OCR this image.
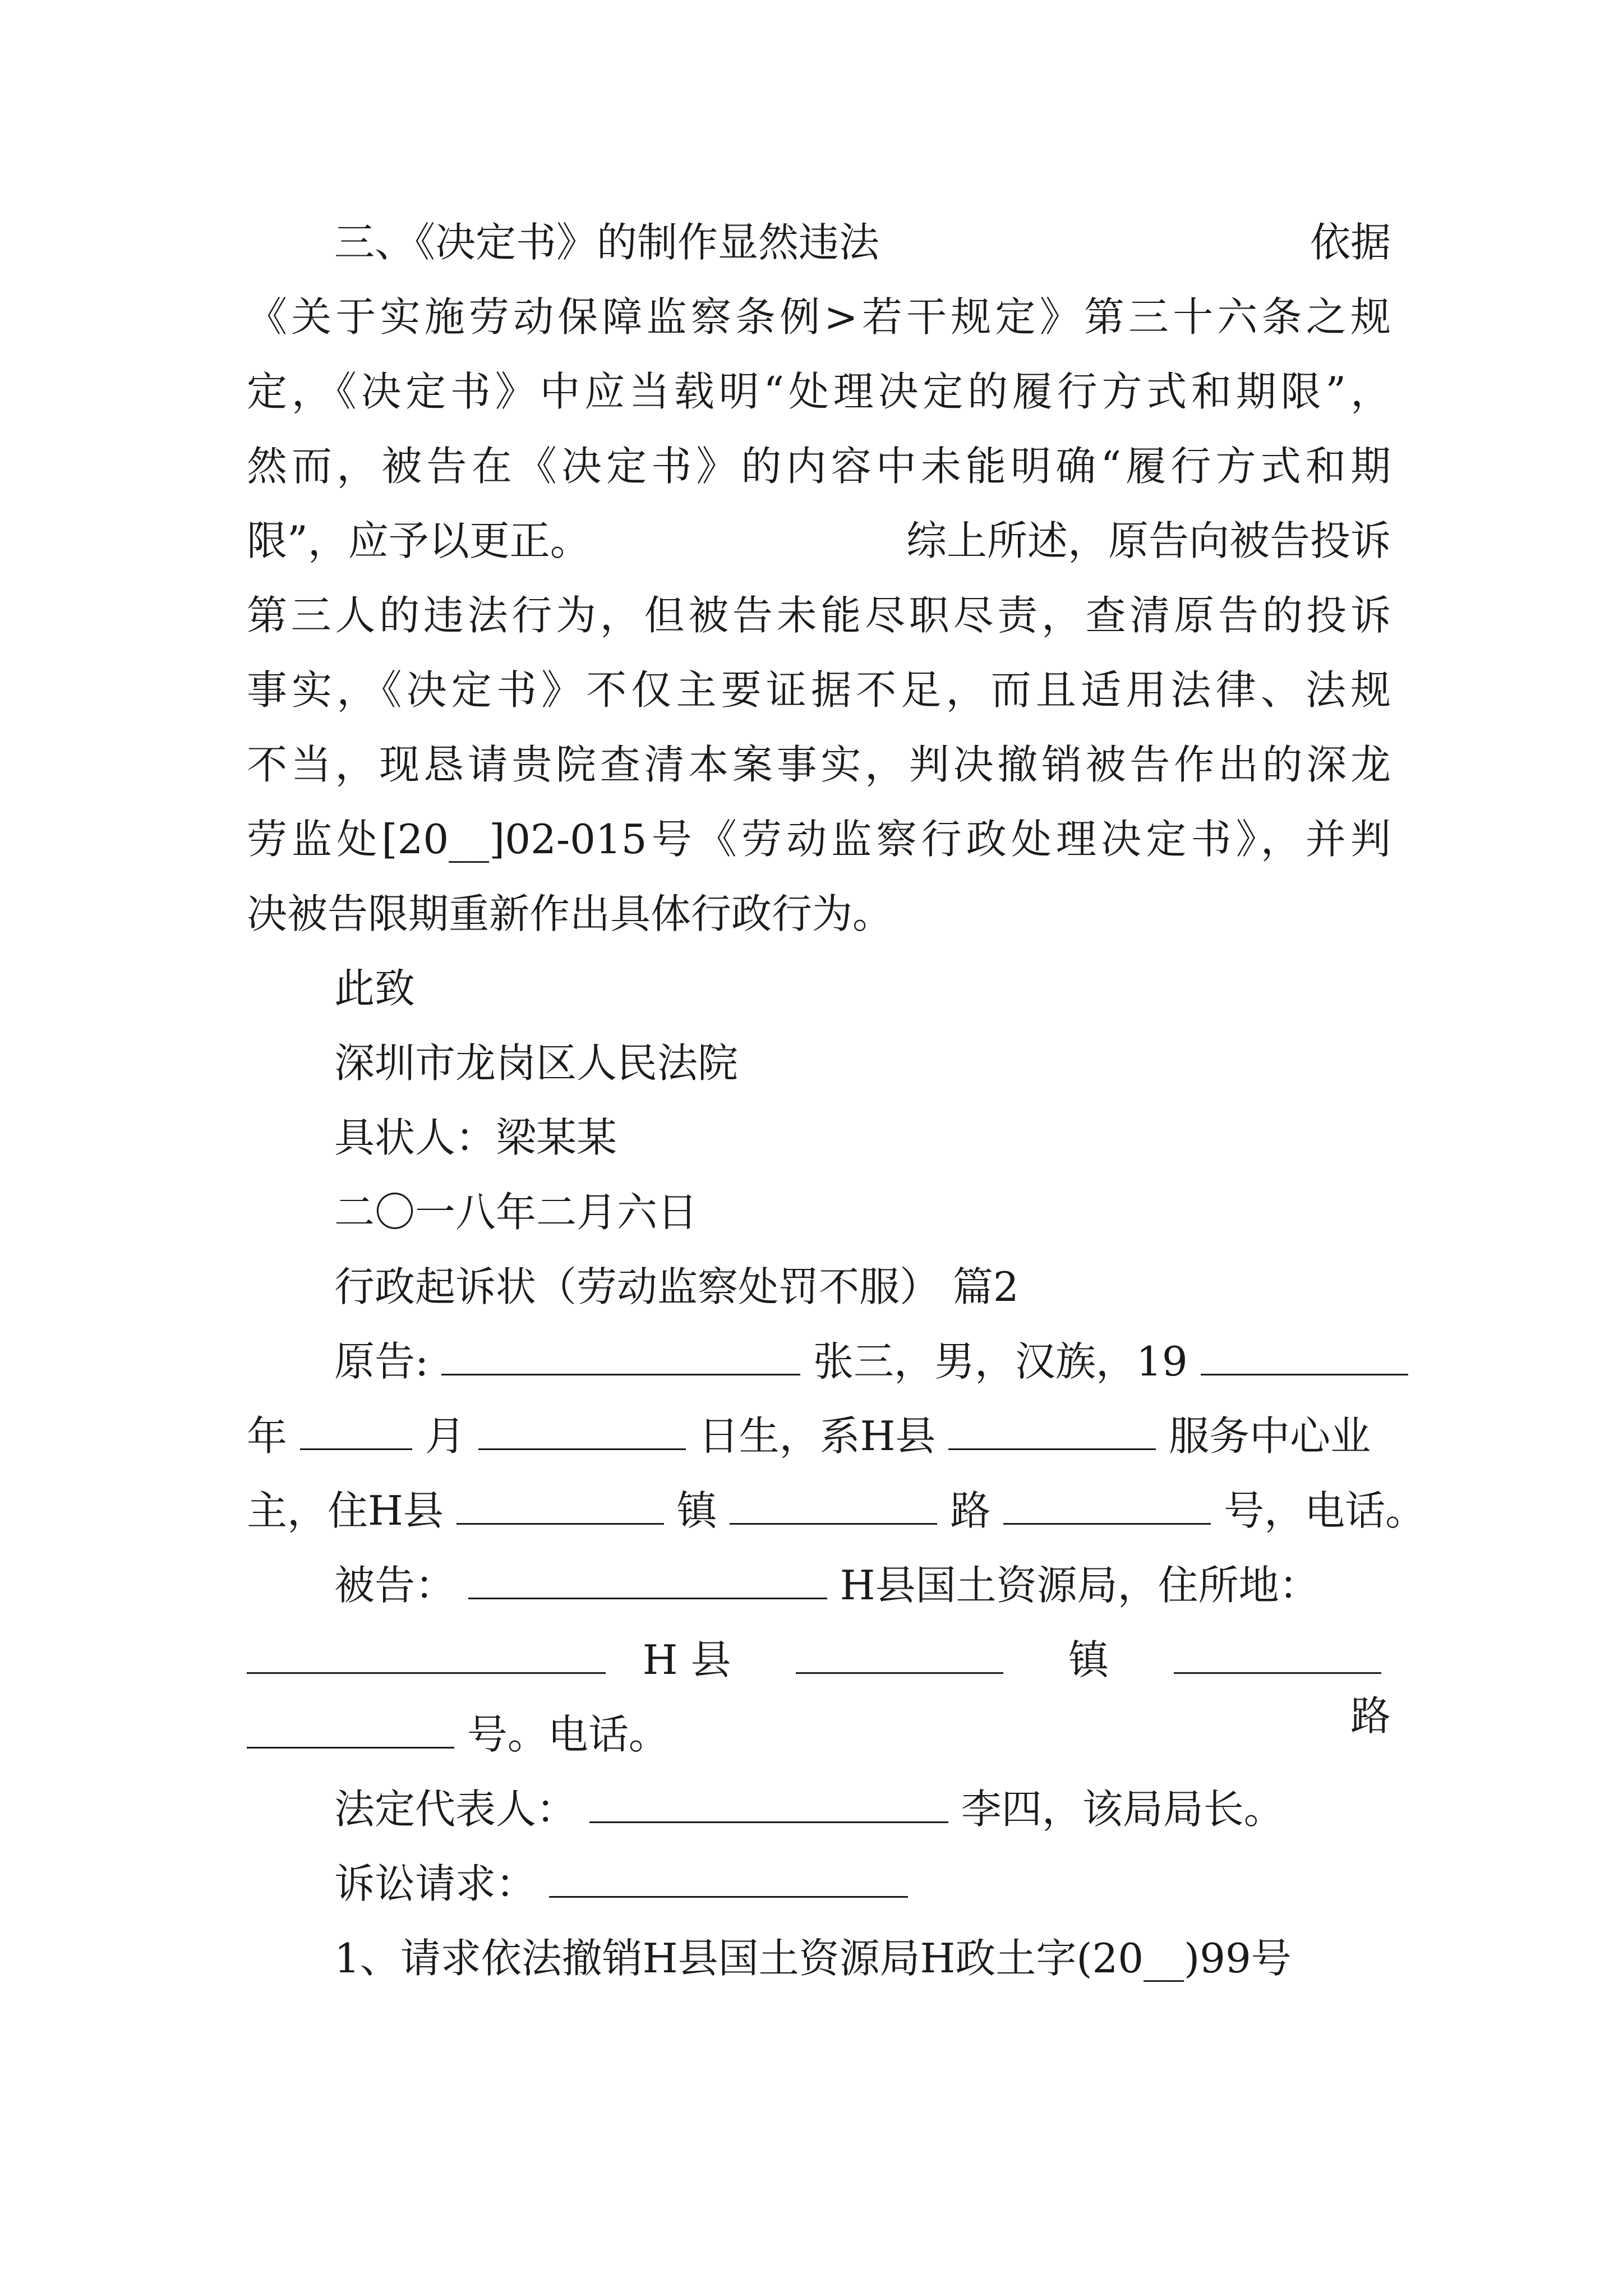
三、《决定书》的制作显然违法	依据
《关于实施劳动保障监察条例>若干规定》第三十六条之规
定，《决定书》中应当载明“处理决定的履行方式和期限”，
然而，被告在《决定书》的内容中未能明确“履行方式和期
限”，应予以更正。	综上所述，原告向被告投诉
第三人的违法行为，但被告未能尽职尽责，查清原告的投诉
事实，《决定书》不仅主要证据不足，而且适用法律、法规
不当，现恳请贵院查清本案事实，判决撤销被告作出的深龙
劳监处[20__]02-015号《劳动监察行政处理决定书》，并判
决被告限期重新作出具体行政行为。
此致
深圳市龙岗区人民法院
具状人：梁某某
二〇一八年二月六日
行政起诉状（劳动监察处罚不服） 篇2
原告:	张三，男，汉族，19
年	月	日生，系H县	服务中心业
主，住H县	镇	路	号，电话。
被告：	H县国土资源局，住所地：
H 县	镇
路
号。电话。
法定代表人：	李四，该局局长。
诉讼请求：
1、请求依法撤销H县国土资源局H政土字(20__)99号
